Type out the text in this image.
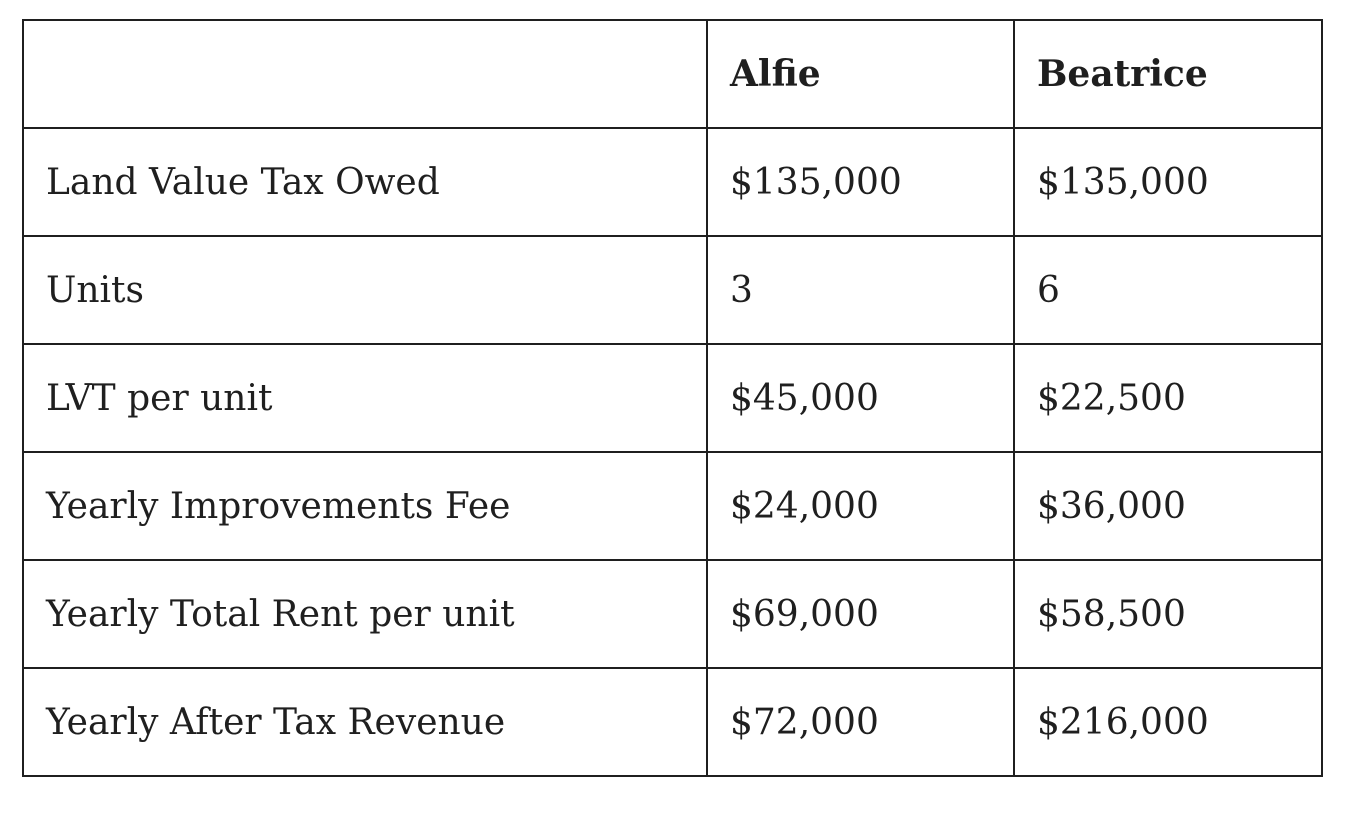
	Alfie	Beatrice
Land Value Tax Owed	$135,000	$135,000
Units	3	6
LVT per unit	$45,000	$22,500
Yearly Improvements Fee	$24,000	$36,000
Yearly Total Rent per unit	$69,000	$58,500
Yearly After Tax Revenue	$72,000	$216,000
